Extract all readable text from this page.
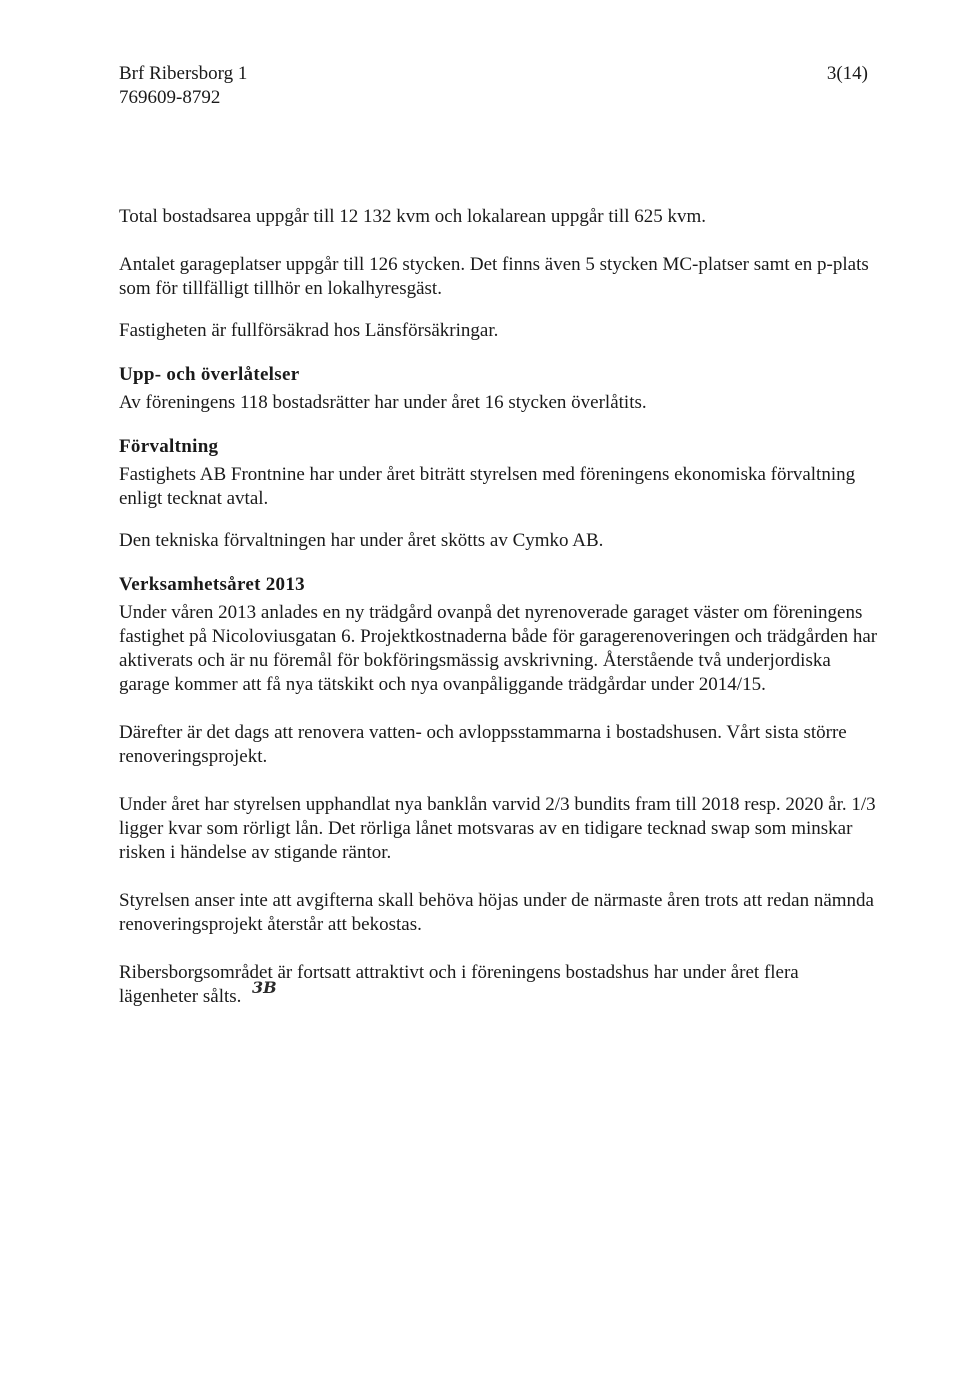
Brf Ribersborg 1
769609-8792
3(14)

Total bostadsarea uppgår till 12 132 kvm och lokalarean uppgår till 625 kvm.

Antalet garageplatser uppgår till 126 stycken. Det finns även 5 stycken MC-platser samt en p-plats
som för tillfälligt tillhör en lokalhyresgäst.

Fastigheten är fullförsäkrad hos Länsförsäkringar.

Upp- och överlåtelser

Av föreningens 118 bostadsrätter har under året 16 stycken överlåtits.

Förvaltning

Fastighets AB Frontnine har under året biträtt styrelsen med föreningens ekonomiska förvaltning
enligt tecknat avtal.

Den tekniska förvaltningen har under året skötts av Cymko AB.

Verksamhetsåret 2013

Under våren 2013 anlades en ny trädgård ovanpå det nyrenoverade garaget väster om föreningens
fastighet på Nicoloviusgatan 6. Projektkostnaderna både för garagerenoveringen och trädgården har
aktiverats och är nu föremål för bokföringsmässig avskrivning. Återstående två underjordiska
garage kommer att få nya tätskikt och nya ovanpåliggande trädgårdar under 2014/15.

Därefter är det dags att renovera vatten- och avloppsstammarna i bostadshusen. Vårt sista större
renoveringsprojekt.

Under året har styrelsen upphandlat nya banklån varvid 2/3 bundits fram till 2018 resp. 2020 år. 1/3
ligger kvar som rörligt lån. Det rörliga lånet motsvaras av en tidigare tecknad swap som minskar
risken i händelse av stigande räntor.

Styrelsen anser inte att avgifterna skall behöva höjas under de närmaste åren trots att redan nämnda
renoveringsprojekt återstår att bekostas.

Ribersborgsområdet är fortsatt attraktivt och i föreningens bostadshus har under året flera
lägenheter sålts. 3B
